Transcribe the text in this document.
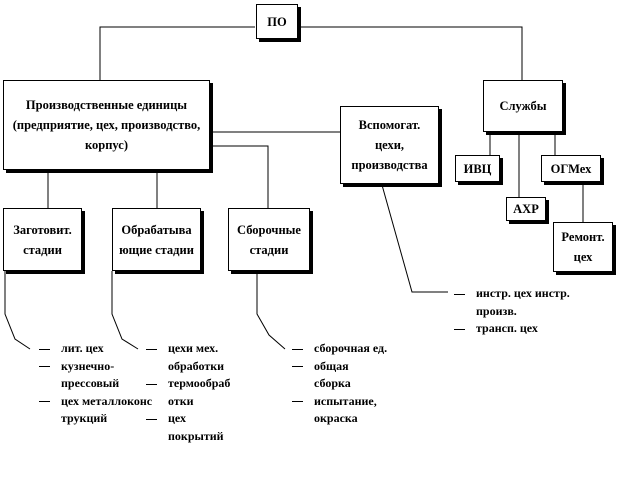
ПО
Производственные единицы (предприятие, цех, производство, корпус)
Вспомогат. цехи, производства
Службы
Заготовит. стадии
Обрабатыва ющие стадии
Сборочные стадии
ИВЦ
АХР
ОГМех
Ремонт. цех
лит. цех
кузнечно-прессовый
цех металлоконс трукций
цехи мех. обработки
термообраб отки
цех покрытий
сборочная ед.
общая сборка
испытание, окраска
инстр. цех инстр. произв.
трансп. цех
